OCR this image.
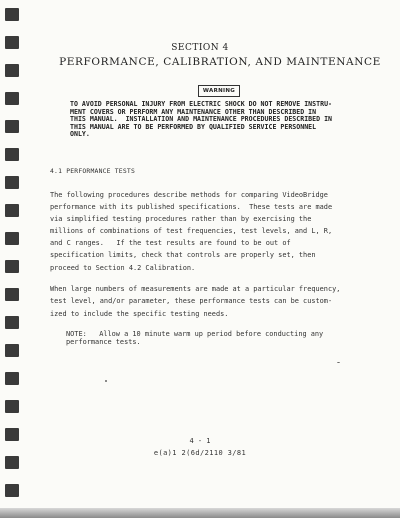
SECTION 4
PERFORMANCE, CALIBRATION, AND MAINTENANCE
WARNING

TO AVOID PERSONAL INJURY FROM ELECTRIC SHOCK DO NOT REMOVE INSTRU-
MENT COVERS OR PERFORM ANY MAINTENANCE OTHER THAN DESCRIBED IN
THIS MANUAL.  INSTALLATION AND MAINTENANCE PROCEDURES DESCRIBED IN
THIS MANUAL ARE TO BE PERFORMED BY QUALIFIED SERVICE PERSONNEL
ONLY.

4.1 PERFORMANCE TESTS

The following procedures describe methods for comparing VideoBridge
performance with its published specifications.  These tests are made
via simplified testing procedures rather than by exercising the
millions of combinations of test frequencies, test levels, and L, R,
and C ranges.   If the test results are found to be out of
specification limits, check that controls are properly set, then
proceed to Section 4.2 Calibration.

When large numbers of measurements are made at a particular frequency,
test level, and/or parameter, these performance tests can be custom-
ized to include the specific testing needs.

NOTE:   Allow a 10 minute warm up period before conducting any
performance tests.

4 - 1
e(a)1 2(6d/2110 3/81
